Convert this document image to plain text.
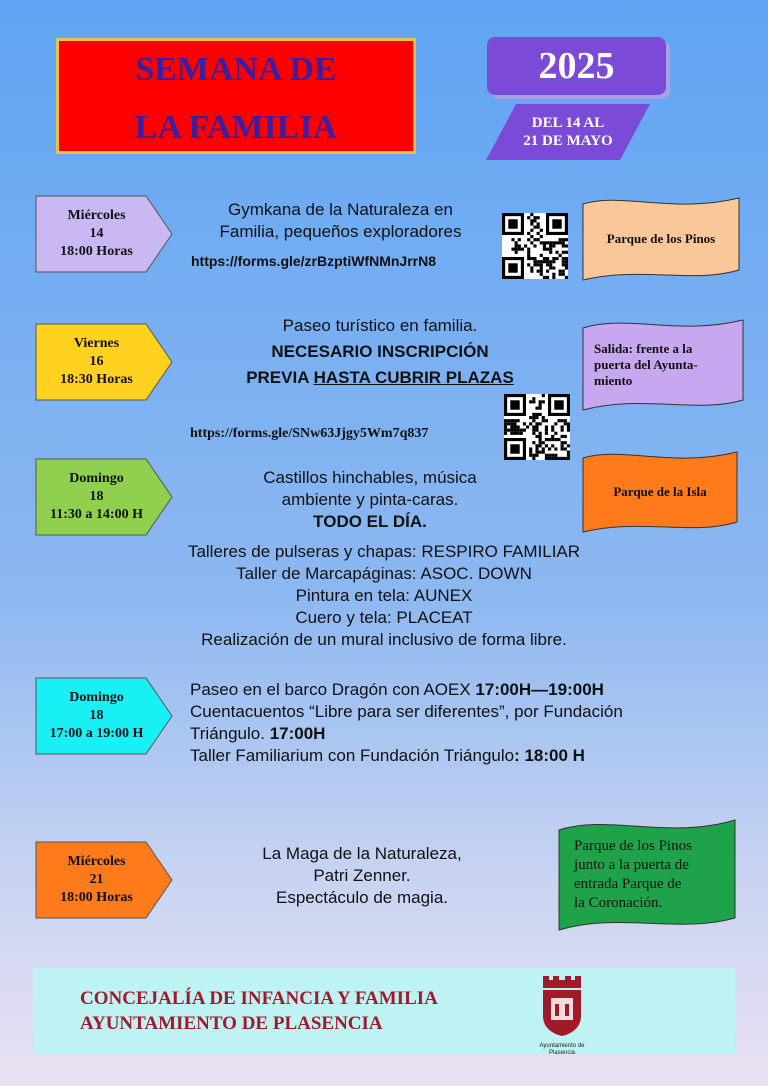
SEMANA DE
LA FAMILIA
2025
DEL 14 AL
21 DE MAYO
Miércoles
14
18:00 Horas
Gymkana de la Naturaleza en
Familia, pequeños exploradores
https://forms.gle/zrBzptiWfNMnJrrN8
Parque de los Pinos
Viernes
16
18:30 Horas
Paseo turístico en familia.
NECESARIO INSCRIPCIÓN
PREVIA HASTA CUBRIR PLAZAS
https://forms.gle/SNw63Jjgy5Wm7q837
Salida: frente a la
puerta del Ayunta-
miento
Domingo
18
11:30 a 14:00 H
Castillos hinchables, música
ambiente y pinta-caras.
TODO EL DÍA.
Parque de la Isla
Talleres de pulseras y chapas: RESPIRO FAMILIAR
Taller de Marcapáginas: ASOC. DOWN
Pintura en tela: AUNEX
Cuero y tela: PLACEAT
Realización de un mural inclusivo de forma libre.
Domingo
18
17:00 a 19:00 H
Paseo en el barco Dragón con AOEX 17:00H—19:00H
Cuentacuentos “Libre para ser diferentes”, por Fundación
Triángulo. 17:00H
Taller Familiarium con Fundación Triángulo: 18:00 H
Miércoles
21
18:00 Horas
La Maga de la Naturaleza,
Patri Zenner.
Espectáculo de magia.
Parque de los Pinos
junto a la puerta de
entrada Parque de
la Coronación.
CONCEJALÍA DE INFANCIA Y FAMILIA
AYUNTAMIENTO DE PLASENCIA
Ayuntamiento de
Plasencia
